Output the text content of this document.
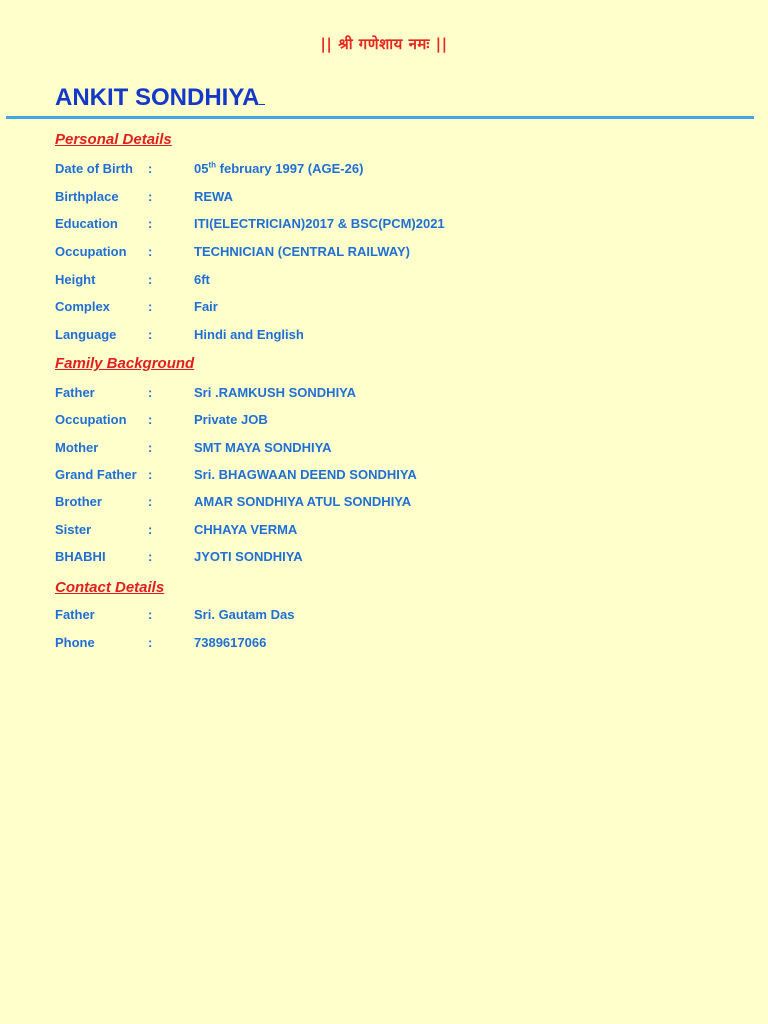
|| श्री गणेशाय नमः ||
ANKIT SONDHIYA
Personal Details
Date of Birth :	05th february 1997 (AGE-26)
Birthplace :	REWA
Education :	ITI(ELECTRICIAN)2017 & BSC(PCM)2021
Occupation :	TECHNICIAN (CENTRAL RAILWAY)
Height	:	6ft
Complex	:	Fair
Language :	Hindi and English
Family Background
Father	:	Sri .RAMKUSH SONDHIYA
Occupation :	Private JOB
Mother	:	SMT MAYA SONDHIYA
Grand Father :	Sri. BHAGWAAN DEEND SONDHIYA
Brother	:	AMAR SONDHIYA ATUL SONDHIYA
Sister	:	CHHAYA VERMA
BHABHI	:	JYOTI SONDHIYA
Contact Details
Father	:	Sri. Gautam Das
Phone	:	7389617066
